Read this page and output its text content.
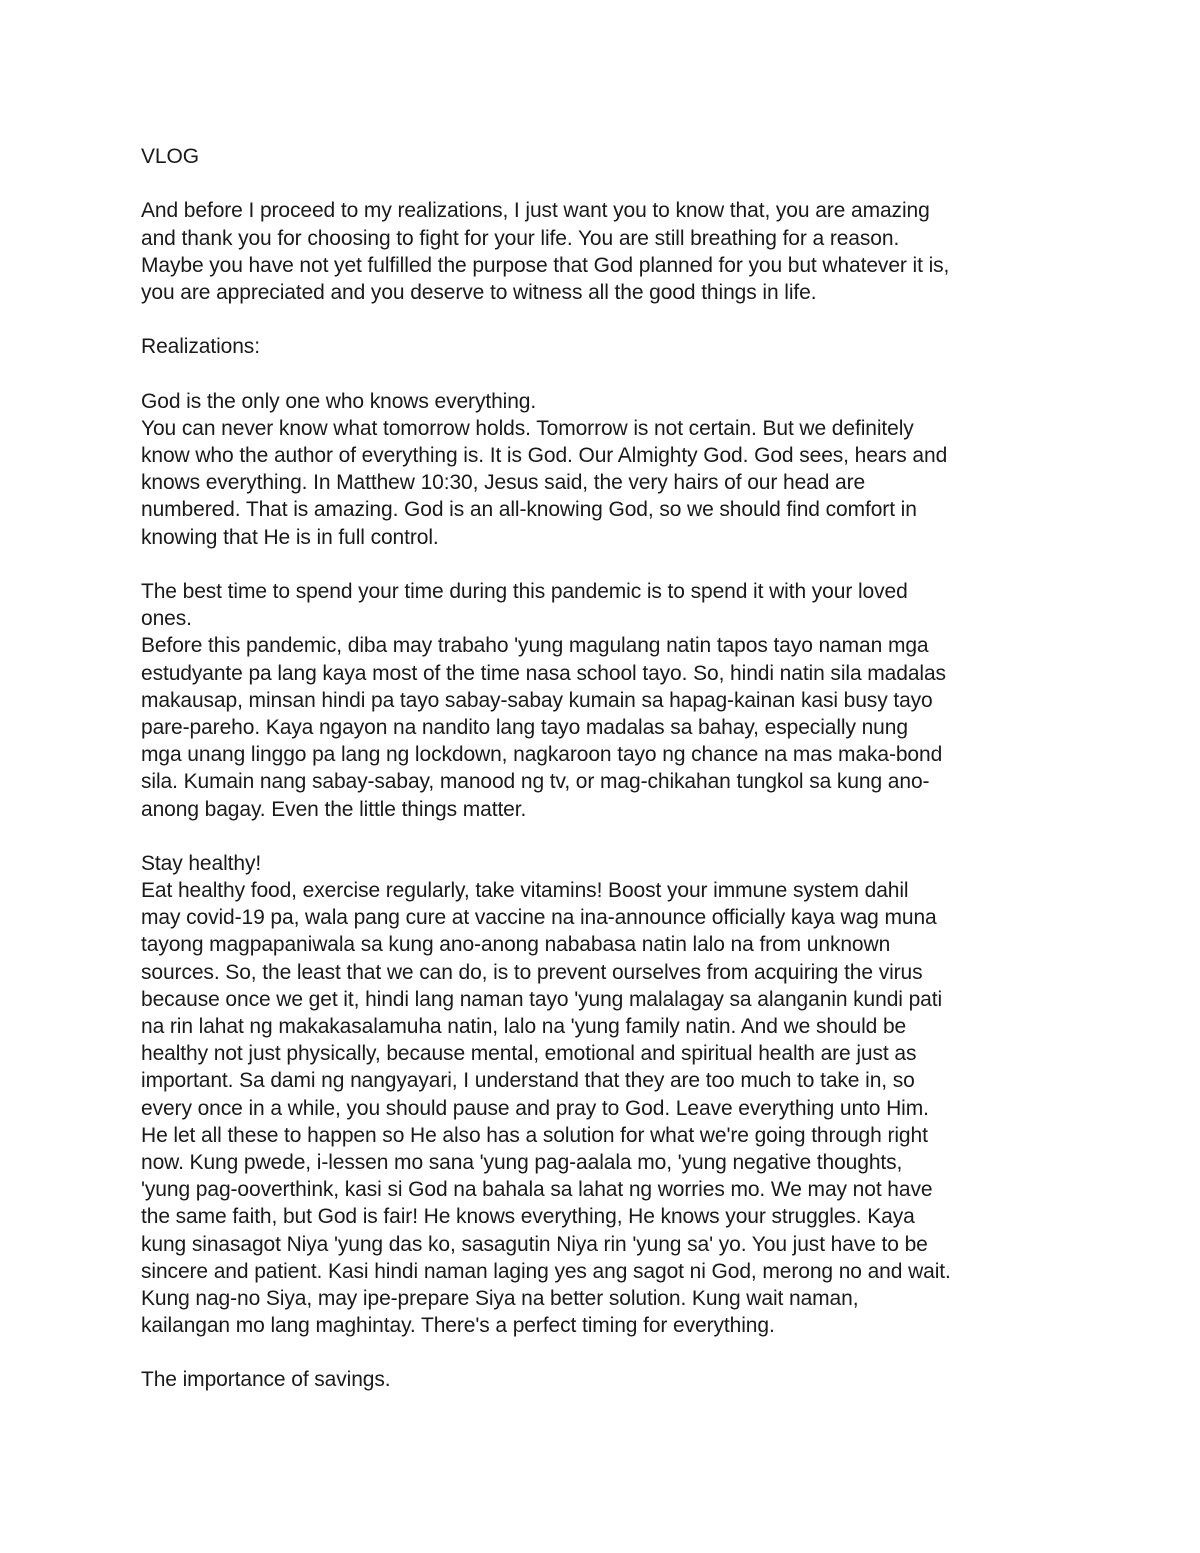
VLOG
And before I proceed to my realizations, I just want you to know that, you are amazing
and thank you for choosing to fight for your life. You are still breathing for a reason.
Maybe you have not yet fulfilled the purpose that God planned for you but whatever it is,
you are appreciated and you deserve to witness all the good things in life.
Realizations:
God is the only one who knows everything.
You can never know what tomorrow holds. Tomorrow is not certain. But we definitely
know who the author of everything is. It is God. Our Almighty God. God sees, hears and
knows everything. In Matthew 10:30, Jesus said, the very hairs of our head are
numbered. That is amazing. God is an all-knowing God, so we should find comfort in
knowing that He is in full control.
The best time to spend your time during this pandemic is to spend it with your loved
ones.
Before this pandemic, diba may trabaho 'yung magulang natin tapos tayo naman mga
estudyante pa lang kaya most of the time nasa school tayo. So, hindi natin sila madalas
makausap, minsan hindi pa tayo sabay-sabay kumain sa hapag-kainan kasi busy tayo
pare-pareho. Kaya ngayon na nandito lang tayo madalas sa bahay, especially nung
mga unang linggo pa lang ng lockdown, nagkaroon tayo ng chance na mas maka-bond
sila. Kumain nang sabay-sabay, manood ng tv, or mag-chikahan tungkol sa kung ano-
anong bagay. Even the little things matter.
Stay healthy!
Eat healthy food, exercise regularly, take vitamins! Boost your immune system dahil
may covid-19 pa, wala pang cure at vaccine na ina-announce officially kaya wag muna
tayong magpapaniwala sa kung ano-anong nababasa natin lalo na from unknown
sources. So, the least that we can do, is to prevent ourselves from acquiring the virus
because once we get it, hindi lang naman tayo 'yung malalagay sa alanganin kundi pati
na rin lahat ng makakasalamuha natin, lalo na 'yung family natin. And we should be
healthy not just physically, because mental, emotional and spiritual health are just as
important. Sa dami ng nangyayari, I understand that they are too much to take in, so
every once in a while, you should pause and pray to God. Leave everything unto Him.
He let all these to happen so He also has a solution for what we're going through right
now. Kung pwede, i-lessen mo sana 'yung pag-aalala mo, 'yung negative thoughts,
'yung pag-ooverthink, kasi si God na bahala sa lahat ng worries mo. We may not have
the same faith, but God is fair! He knows everything, He knows your struggles. Kaya
kung sinasagot Niya 'yung das ko, sasagutin Niya rin 'yung sa' yo. You just have to be
sincere and patient. Kasi hindi naman laging yes ang sagot ni God, merong no and wait.
Kung nag-no Siya, may ipe-prepare Siya na better solution. Kung wait naman,
kailangan mo lang maghintay. There's a perfect timing for everything.
The importance of savings.
